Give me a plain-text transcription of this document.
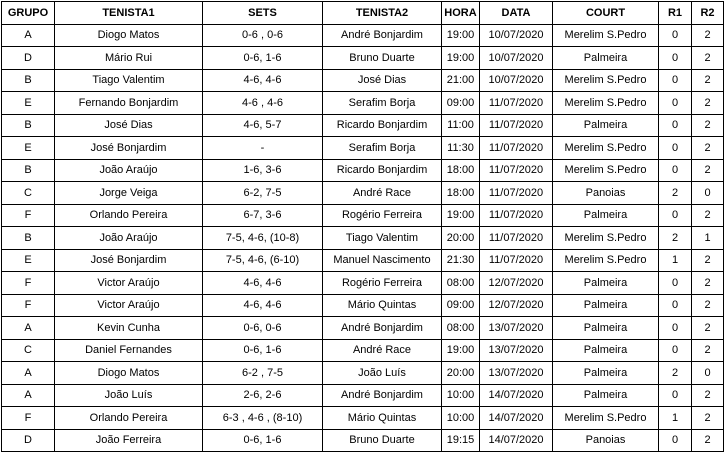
GRUPO	TENISTA1	SETS	TENISTA2	HORA	DATA	COURT	R1	R2
A	Diogo Matos	0-6 , 0-6	André Bonjardim	19:00	10/07/2020	Merelim S.Pedro	0	2
D	Mário Rui	0-6, 1-6	Bruno Duarte	19:00	10/07/2020	Palmeira	0	2
B	Tiago Valentim	4-6, 4-6	José Dias	21:00	10/07/2020	Merelim S.Pedro	0	2
E	Fernando Bonjardim	4-6 , 4-6	Serafim Borja	09:00	11/07/2020	Merelim S.Pedro	0	2
B	José Dias	4-6, 5-7	Ricardo Bonjardim	11:00	11/07/2020	Palmeira	0	2
E	José Bonjardim	-	Serafim Borja	11:30	11/07/2020	Merelim S.Pedro	0	2
B	João Araújo	1-6, 3-6	Ricardo Bonjardim	18:00	11/07/2020	Merelim S.Pedro	0	2
C	Jorge Veiga	6-2, 7-5	André Race	18:00	11/07/2020	Panoias	2	0
F	Orlando Pereira	6-7, 3-6	Rogério Ferreira	19:00	11/07/2020	Palmeira	0	2
B	João Araújo	7-5, 4-6, (10-8)	Tiago Valentim	20:00	11/07/2020	Merelim S.Pedro	2	1
E	José Bonjardim	7-5, 4-6, (6-10)	Manuel Nascimento	21:30	11/07/2020	Merelim S.Pedro	1	2
F	Victor Araújo	4-6, 4-6	Rogério Ferreira	08:00	12/07/2020	Palmeira	0	2
F	Victor Araújo	4-6, 4-6	Mário Quintas	09:00	12/07/2020	Palmeira	0	2
A	Kevin Cunha	0-6, 0-6	André Bonjardim	08:00	13/07/2020	Palmeira	0	2
C	Daniel Fernandes	0-6, 1-6	André Race	19:00	13/07/2020	Palmeira	0	2
A	Diogo Matos	6-2 , 7-5	João Luís	20:00	13/07/2020	Palmeira	2	0
A	João Luís	2-6, 2-6	André Bonjardim	10:00	14/07/2020	Palmeira	0	2
F	Orlando Pereira	6-3 , 4-6 , (8-10)	Mário Quintas	10:00	14/07/2020	Merelim S.Pedro	1	2
D	João Ferreira	0-6, 1-6	Bruno Duarte	19:15	14/07/2020	Panoias	0	2
